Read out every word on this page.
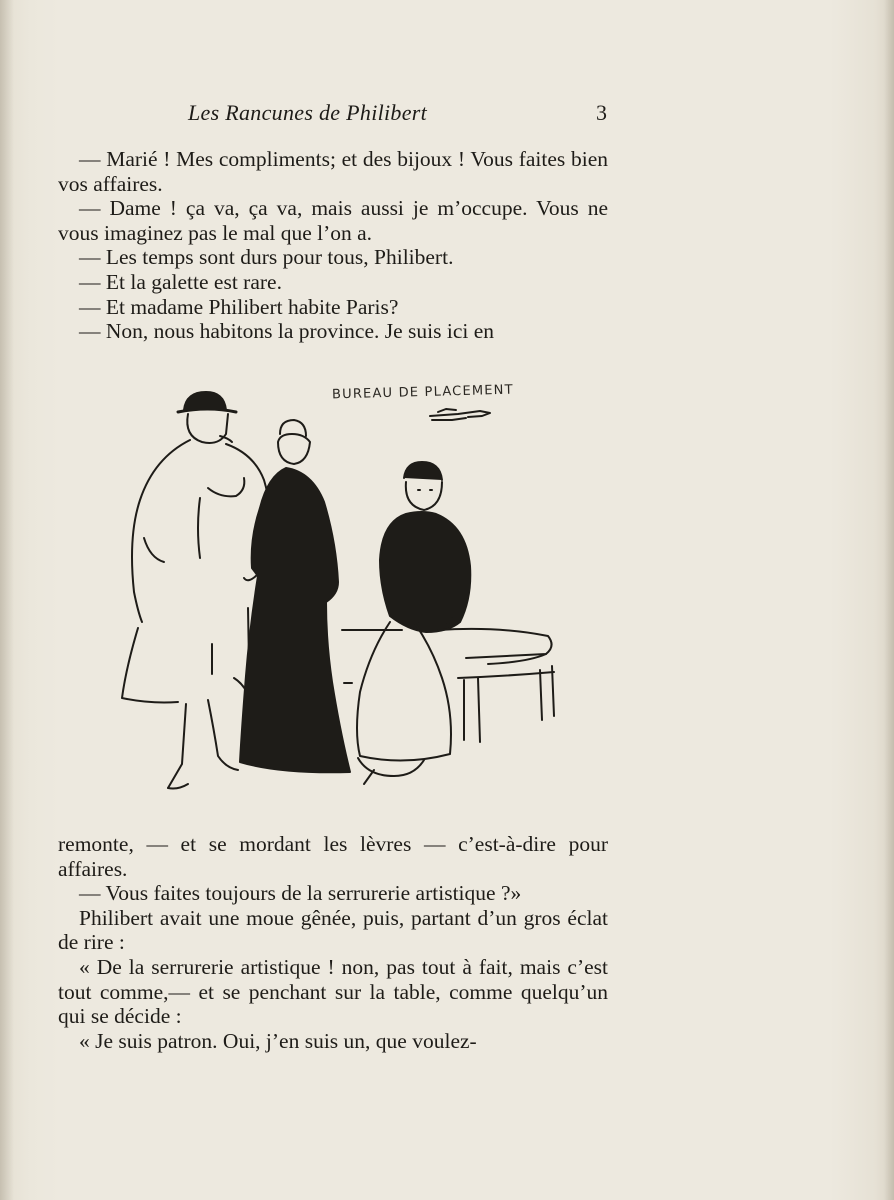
Les Rancunes de Philibert	3

— Marié ! Mes compliments; et des bijoux ! Vous faites bien vos affaires.

— Dame ! ça va, ça va, mais aussi je m’occupe. Vous ne vous imaginez pas le mal que l’on a.

— Les temps sont durs pour tous, Philibert.

— Et la galette est rare.

— Et madame Philibert habite Paris?

— Non, nous habitons la province. Je suis ici en

BUREAU DE PLACEMENT

remonte, — et se mordant les lèvres — c’est-à-dire pour affaires.

— Vous faites toujours de la serrurerie artistique ?»

Philibert avait une moue gênée, puis, partant d’un gros éclat de rire :

« De la serrurerie artistique ! non, pas tout à fait, mais c’est tout comme,— et se penchant sur la table, comme quelqu’un qui se décide :

« Je suis patron. Oui, j’en suis un, que voulez-
